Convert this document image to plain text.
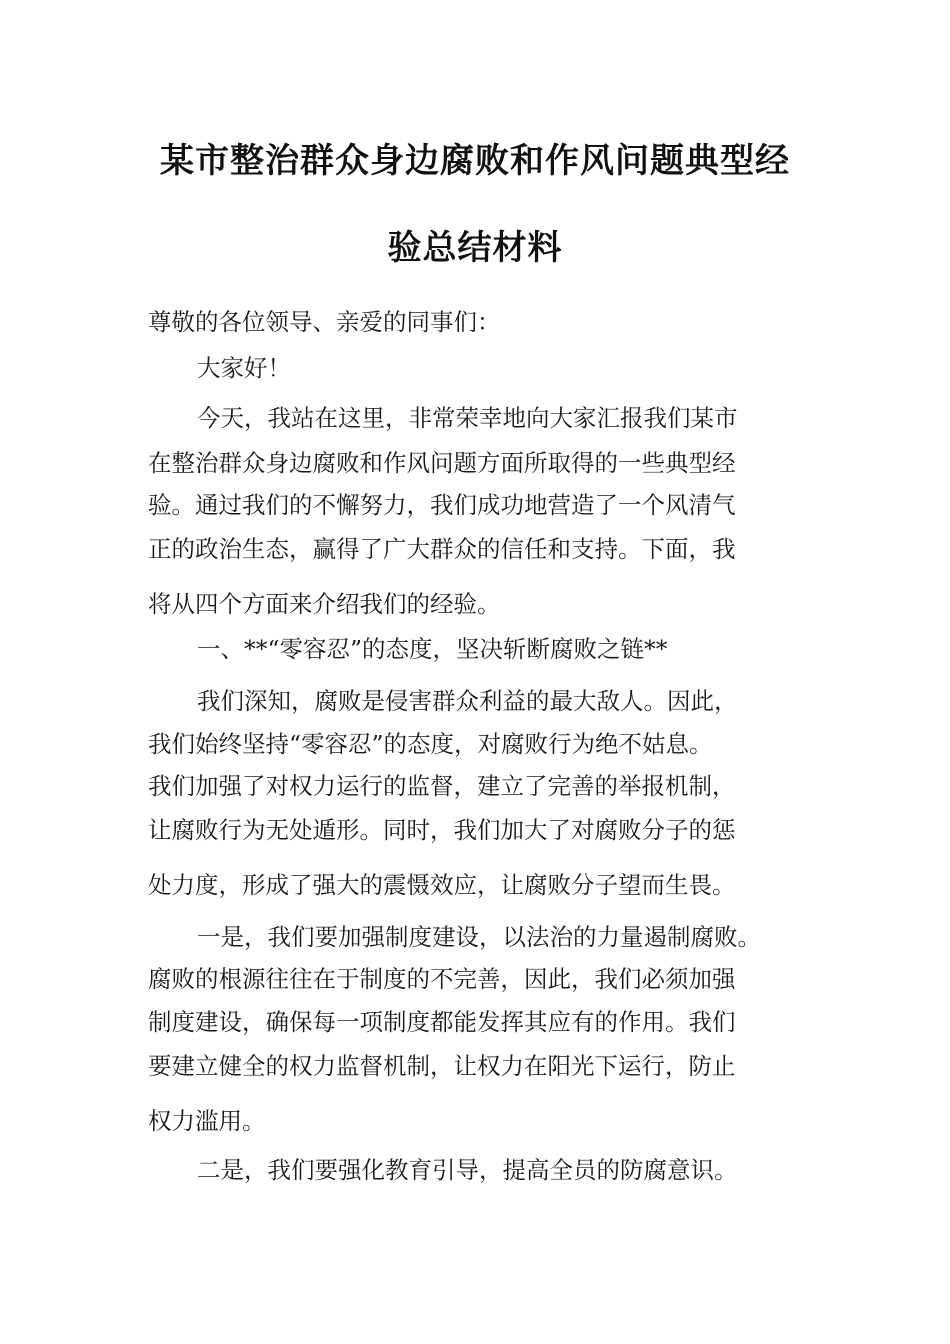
某市整治群众身边腐败和作风问题典型经
验总结材料
尊敬的各位领导、亲爱的同事们：
大家好！
今天，我站在这里，非常荣幸地向大家汇报我们某市
在整治群众身边腐败和作风问题方面所取得的一些典型经
验。通过我们的不懈努力，我们成功地营造了一个风清气
正的政治生态，赢得了广大群众的信任和支持。下面，我
将从四个方面来介绍我们的经验。
一、**“零容忍”的态度，坚决斩断腐败之链**
我们深知，腐败是侵害群众利益的最大敌人。因此，
我们始终坚持“零容忍”的态度，对腐败行为绝不姑息。
我们加强了对权力运行的监督，建立了完善的举报机制，
让腐败行为无处遁形。同时，我们加大了对腐败分子的惩
处力度，形成了强大的震慑效应，让腐败分子望而生畏。
一是，我们要加强制度建设，以法治的力量遏制腐败。
腐败的根源往往在于制度的不完善，因此，我们必须加强
制度建设，确保每一项制度都能发挥其应有的作用。我们
要建立健全的权力监督机制，让权力在阳光下运行，防止
权力滥用。
二是，我们要强化教育引导，提高全员的防腐意识。
